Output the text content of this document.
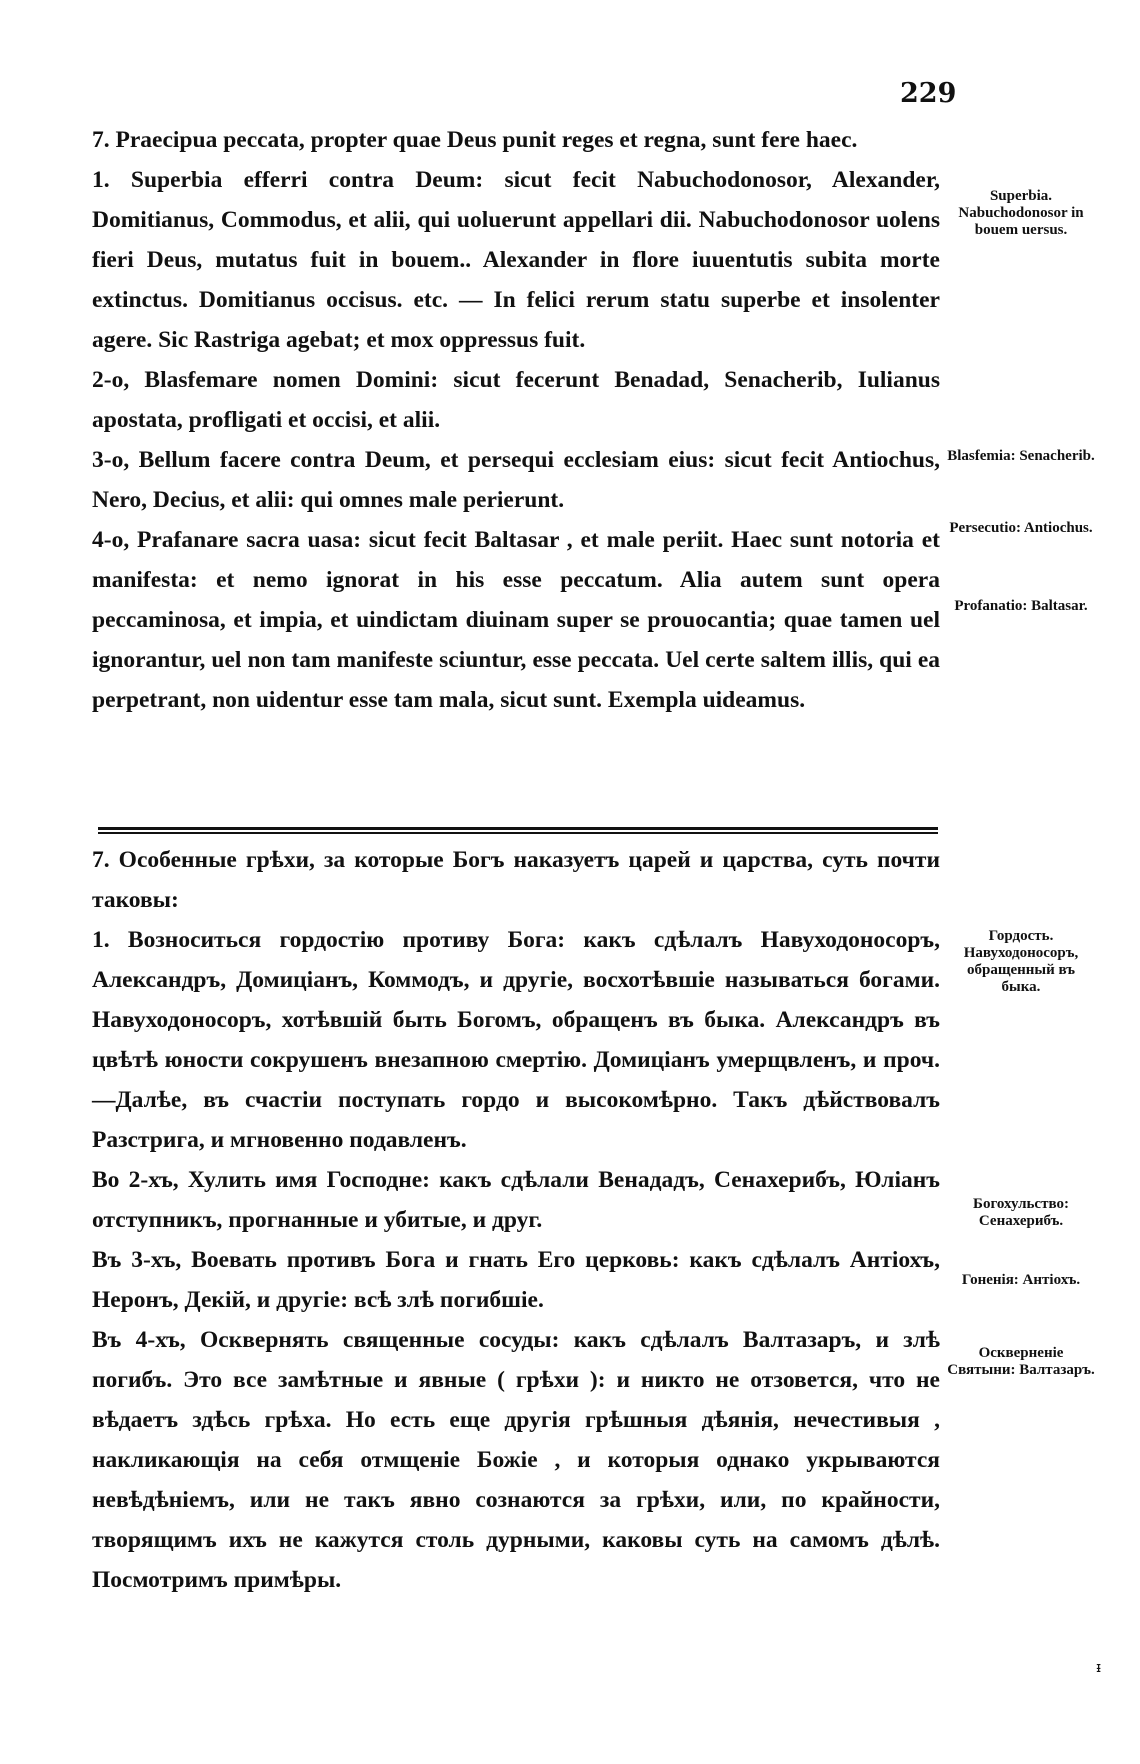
229

7. Praecipua peccata, propter quae Deus punit reges et regna, sunt fere haec.

1. Superbia efferri contra Deum: sicut fecit Nabuchodonosor, Alexander, Domitianus, Commodus, et alii, qui uoluerunt appellari dii. Nabuchodonosor uolens fieri Deus, mutatus fuit in bouem.. Alexander in flore iuuentutis subita morte extinctus. Domitianus occisus. etc. — In felici rerum statu superbe et insolenter agere. Sic Rastriga agebat; et mox oppressus fuit.

2-o, Blasfemare nomen Domini: sicut fecerunt Benadad, Senacherib, Iulianus apostata, profligati et occisi, et alii.

3-o, Bellum facere contra Deum, et persequi ecclesiam eius: sicut fecit Antiochus, Nero, Decius, et alii: qui omnes male perierunt.

4-o, Prafanare sacra uasa: sicut fecit Baltasar , et male periit. Haec sunt notoria et manifesta: et nemo ignorat in his esse peccatum. Alia autem sunt opera peccaminosa, et impia, et uindictam diuinam super se prouocantia; quae tamen uel ignorantur, uel non tam manifeste sciuntur, esse peccata. Uel certe saltem illis, qui ea perpetrant, non uidentur esse tam mala, sicut sunt. Exempla uideamus.

Superbia. Nabuchodonosor in bouem uersus.
Blasfemia: Senacherib.
Persecutio: Antiochus.
Profanatio: Baltasar.

7. Особенные грѣхи, за которые Богъ наказуетъ царей и царства, суть почти таковы:

1. Возноситься гордостію противу Бога: какъ сдѣлалъ Навуходоносоръ, Александръ, Домиціанъ, Коммодъ, и другіе, восхотѣвшіе называться богами. Навуходоносоръ, хотѣвшій быть Богомъ, обращенъ въ быка. Александръ въ цвѣтѣ юности сокрушенъ внезапною смертію. Домиціанъ умерщвленъ, и проч.—Далѣе, въ счастіи поступать гордо и высокомѣрно. Такъ дѣйствовалъ Разстрига, и мгновенно подавленъ.

Во 2-хъ, Хулить имя Господне: какъ сдѣлали Венададъ, Сенахерибъ, Юліанъ отступникъ, прогнанные и убитые, и друг.

Въ 3-хъ, Воевать противъ Бога и гнать Его церковь: какъ сдѣлалъ Антіохъ, Неронъ, Декій, и другіе: всѣ злѣ погибшіе.

Въ 4-хъ, Осквернять священные сосуды: какъ сдѣлалъ Валтазаръ, и злѣ погибъ. Это все замѣтные и явные ( грѣхи ): и никто не отзовется, что не вѣдаетъ здѣсь грѣха. Но есть еще другія грѣшныя дѣянія, нечестивыя , накликающія на себя отмщеніе Божіе , и которыя однако укрываются невѣдѣніемъ, или не такъ явно сознаются за грѣхи, или, по крайности, творящимъ ихъ не кажутся столь дурными, каковы суть на самомъ дѣлѣ. Посмотримъ примѣры.

Гордость. Навуходоносоръ, обращенный въ быка.
Богохульство: Сенахерибъ.
Гоненія: Антіохъ.
Оскверненіе Святыни: Валтазаръ.
ᵻ
